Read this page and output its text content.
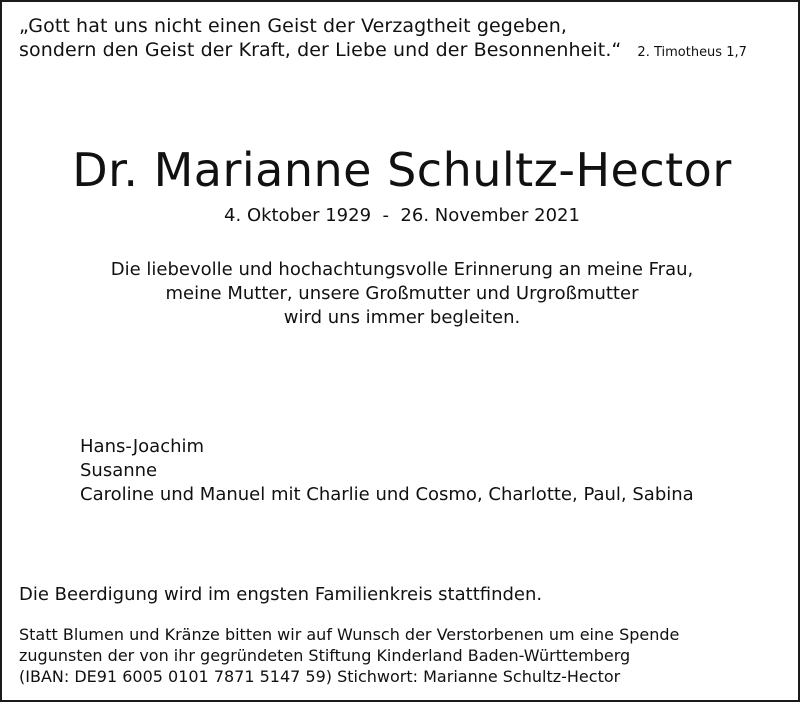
„Gott hat uns nicht einen Geist der Verzagtheit gegeben,
sondern den Geist der Kraft, der Liebe und der Besonnenheit.“ 2. Timotheus 1,7
Dr. Marianne Schultz-Hector
4. Oktober 1929  -  26. November 2021
Die liebevolle und hochachtungsvolle Erinnerung an meine Frau,
meine Mutter, unsere Großmutter und Urgroßmutter
wird uns immer begleiten.
Hans-Joachim
Susanne
Caroline und Manuel mit Charlie und Cosmo, Charlotte, Paul, Sabina
Die Beerdigung wird im engsten Familienkreis stattfinden.
Statt Blumen und Kränze bitten wir auf Wunsch der Verstorbenen um eine Spende
zugunsten der von ihr gegründeten Stiftung Kinderland Baden-Württemberg
(IBAN: DE91 6005 0101 7871 5147 59) Stichwort: Marianne Schultz-Hector
